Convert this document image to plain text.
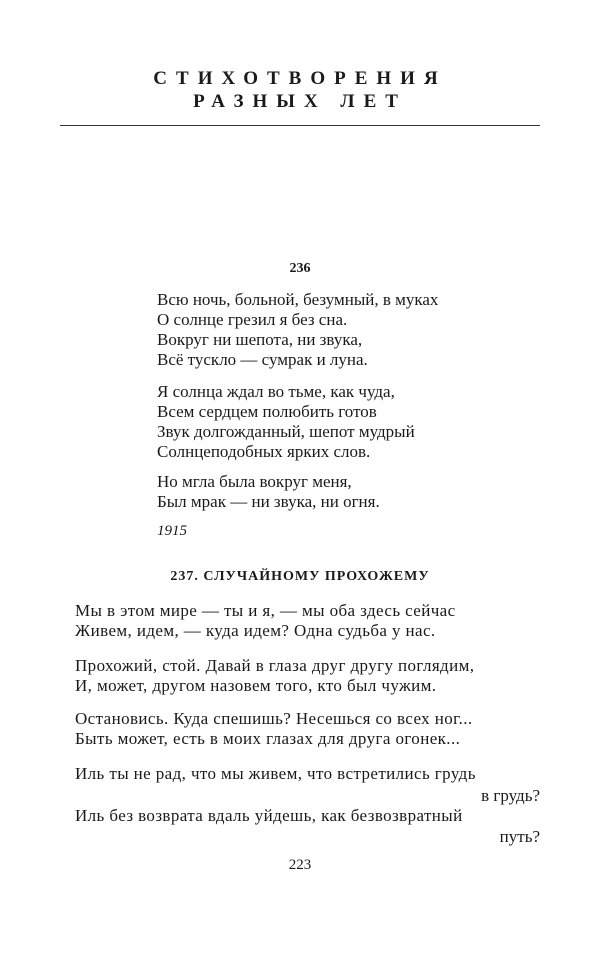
СТИХОТВОРЕНИЯ
РАЗНЫХ ЛЕТ
236
Всю ночь, больной, безумный, в муках
О солнце грезил я без сна.
Вокруг ни шепота, ни звука,
Всё тускло — сумрак и луна.
Я солнца ждал во тьме, как чуда,
Всем сердцем полюбить готов
Звук долгожданный, шепот мудрый
Солнцеподобных ярких слов.
Но мгла была вокруг меня,
Был мрак — ни звука, ни огня.
1915
237. СЛУЧАЙНОМУ ПРОХОЖЕМУ
Мы в этом мире — ты и я, — мы оба здесь сейчас
Живем, идем, — куда идем? Одна судьба у нас.
Прохожий, стой. Давай в глаза друг другу поглядим,
И, может, другом назовем того, кто был чужим.
Остановись. Куда спешишь? Несешься со всех ног...
Быть может, есть в моих глазах для друга огонек...
Иль ты не рад, что мы живем, что встретились грудь
в грудь?
Иль без возврата вдаль уйдешь, как безвозвратный
путь?
223
